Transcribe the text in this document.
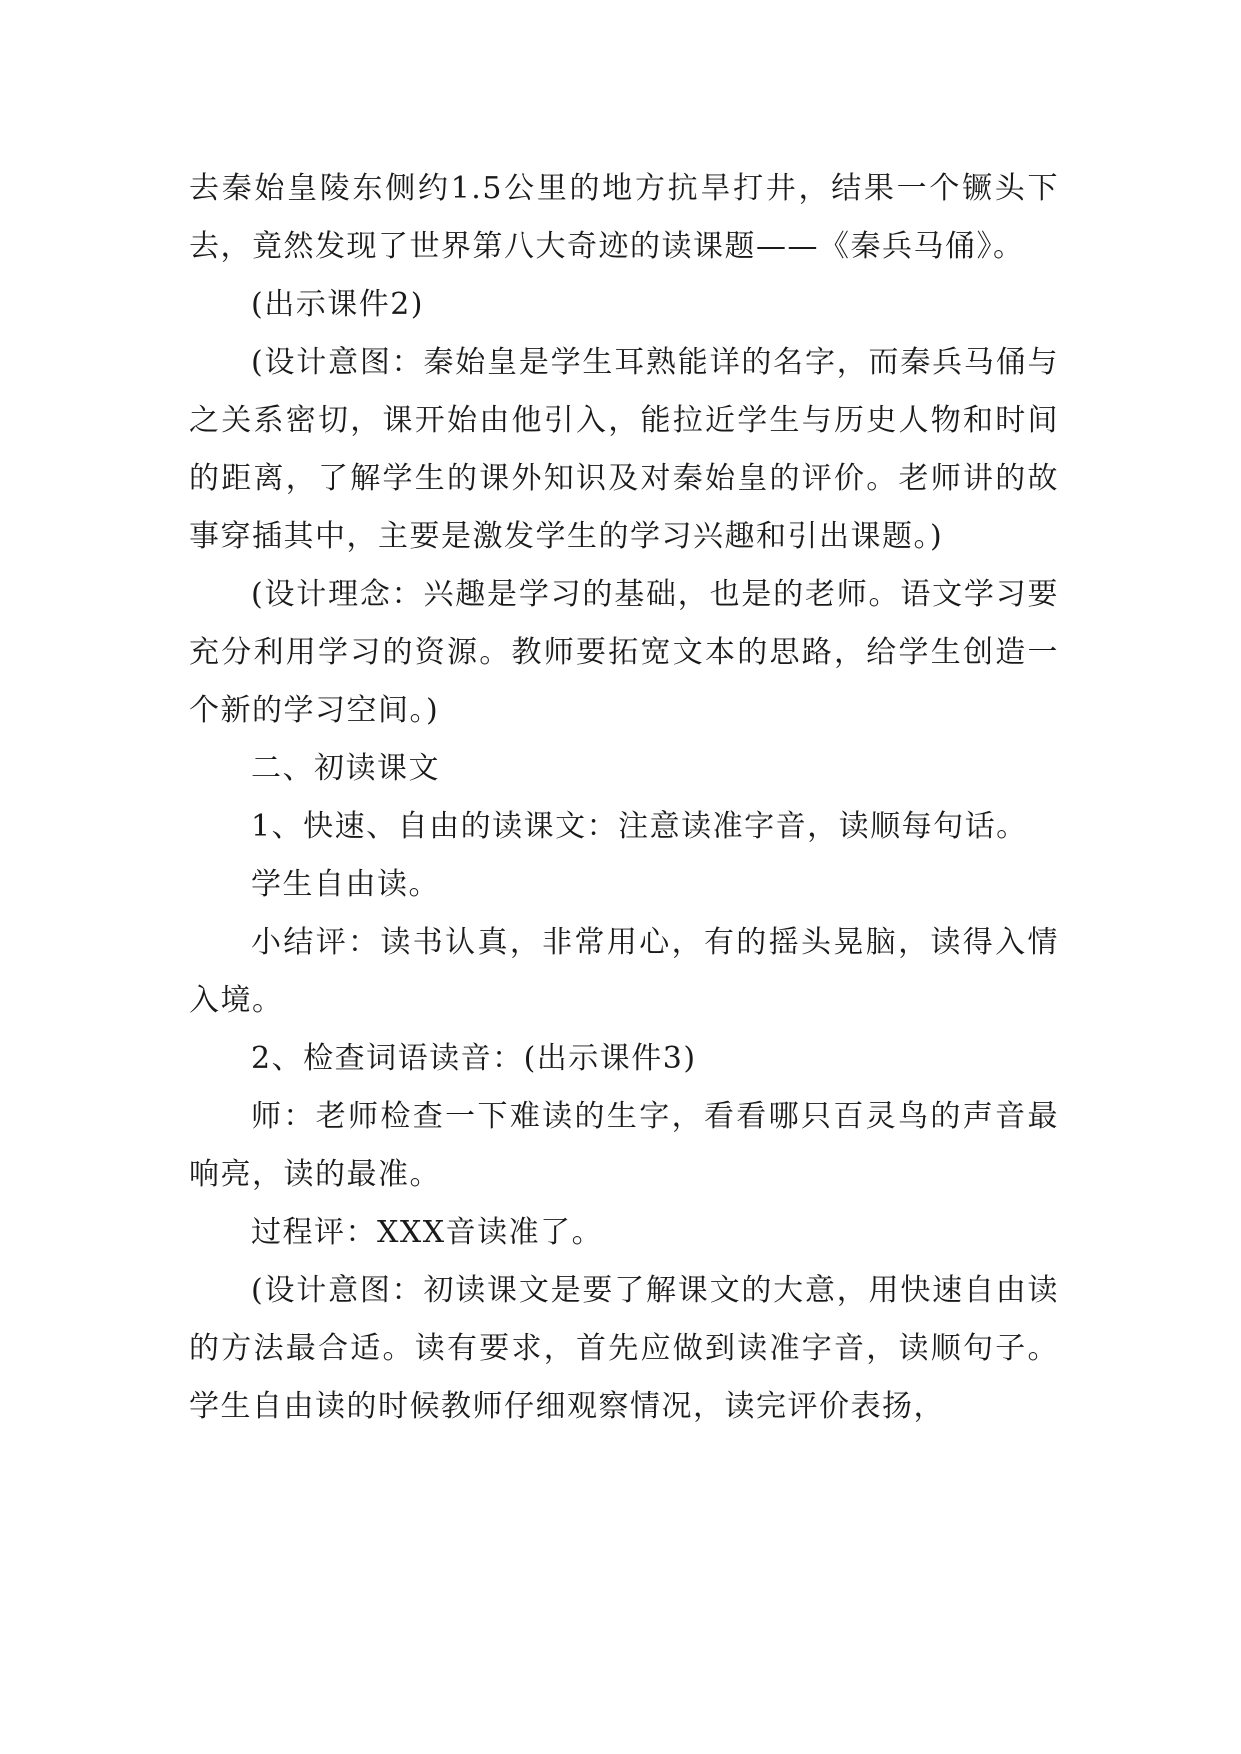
去秦始皇陵东侧约1.5公里的地方抗旱打井，结果一个镢头下去，竟然发现了世界第八大奇迹的读课题——《秦兵马俑》。

(出示课件2)

(设计意图：秦始皇是学生耳熟能详的名字，而秦兵马俑与之关系密切，课开始由他引入，能拉近学生与历史人物和时间的距离，了解学生的课外知识及对秦始皇的评价。老师讲的故事穿插其中，主要是激发学生的学习兴趣和引出课题。)

(设计理念：兴趣是学习的基础，也是的老师。语文学习要充分利用学习的资源。教师要拓宽文本的思路，给学生创造一个新的学习空间。)

二、初读课文

1、快速、自由的读课文：注意读准字音，读顺每句话。

学生自由读。

小结评：读书认真，非常用心，有的摇头晃脑，读得入情入境。

2、检查词语读音：(出示课件3)

师：老师检查一下难读的生字，看看哪只百灵鸟的声音最响亮，读的最准。

过程评：XXX音读准了。

(设计意图：初读课文是要了解课文的大意，用快速自由读的方法最合适。读有要求，首先应做到读准字音，读顺句子。学生自由读的时候教师仔细观察情况，读完评价表扬，
